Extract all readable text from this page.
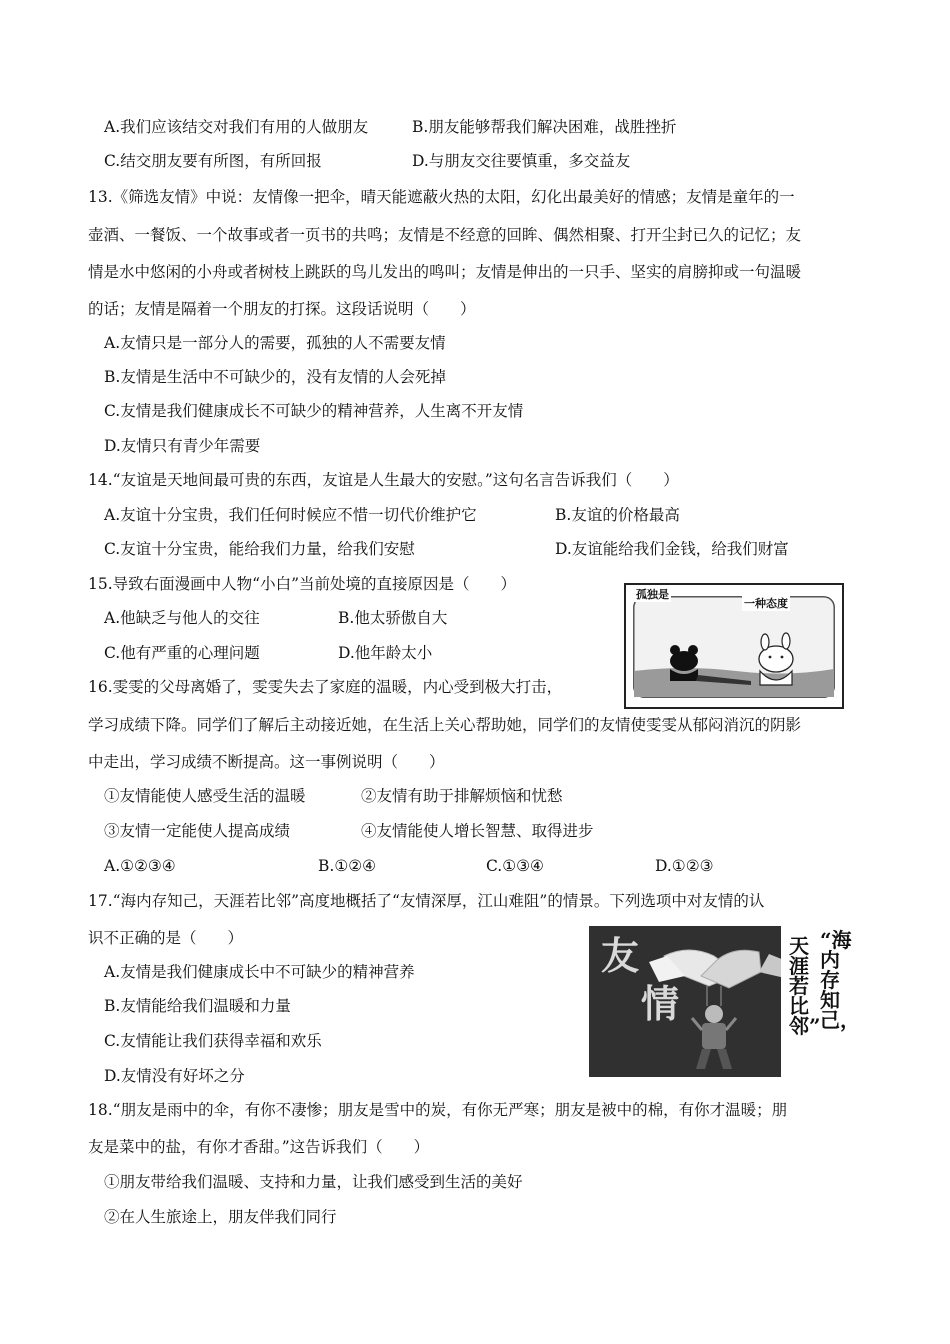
A.我们应该结交对我们有用的人做朋友	B.朋友能够帮我们解决困难，战胜挫折
C.结交朋友要有所图，有所回报	D.与朋友交往要慎重，多交益友
13.《筛选友情》中说：友情像一把伞，晴天能遮蔽火热的太阳，幻化出最美好的情感；友情是童年的一
壶酒、一餐饭、一个故事或者一页书的共鸣；友情是不经意的回眸、偶然相聚、打开尘封已久的记忆；友
情是水中悠闲的小舟或者树枝上跳跃的鸟儿发出的鸣叫；友情是伸出的一只手、坚实的肩膀抑或一句温暖
的话；友情是隔着一个朋友的打探。这段话说明（　　）
A.友情只是一部分人的需要，孤独的人不需要友情
B.友情是生活中不可缺少的，没有友情的人会死掉
C.友情是我们健康成长不可缺少的精神营养，人生离不开友情
D.友情只有青少年需要
14.“友谊是天地间最可贵的东西，友谊是人生最大的安慰。”这句名言告诉我们（　　）
A.友谊十分宝贵，我们任何时候应不惜一切代价维护它	B.友谊的价格最高
C.友谊十分宝贵，能给我们力量，给我们安慰	D.友谊能给我们金钱，给我们财富
15.导致右面漫画中人物“小白”当前处境的直接原因是（　　）
A.他缺乏与他人的交往	B.他太骄傲自大
C.他有严重的心理问题	D.他年龄太小
孤独是
一种态度
16.雯雯的父母离婚了，雯雯失去了家庭的温暖，内心受到极大打击，
学习成绩下降。同学们了解后主动接近她，在生活上关心帮助她，同学们的友情使雯雯从郁闷消沉的阴影
中走出，学习成绩不断提高。这一事例说明（　　）
①友情能使人感受生活的温暖	②友情有助于排解烦恼和忧愁
③友情一定能使人提高成绩	④友情能使人增长智慧、取得进步
A.①②③④	B.①②④	C.①③④	D.①②③
17.“海内存知己，天涯若比邻”高度地概括了“友情深厚，江山难阻”的情景。下列选项中对友情的认
识不正确的是（　　）
A.友情是我们健康成长中不可缺少的精神营养
B.友情能给我们温暖和力量
C.友情能让我们获得幸福和欢乐
D.友情没有好坏之分
友
情
“海内存知己，
天涯若比邻”
18.“朋友是雨中的伞，有你不凄惨；朋友是雪中的炭，有你无严寒；朋友是被中的棉，有你才温暖；朋
友是菜中的盐，有你才香甜。”这告诉我们（　　）
①朋友带给我们温暖、支持和力量，让我们感受到生活的美好
②在人生旅途上，朋友伴我们同行
